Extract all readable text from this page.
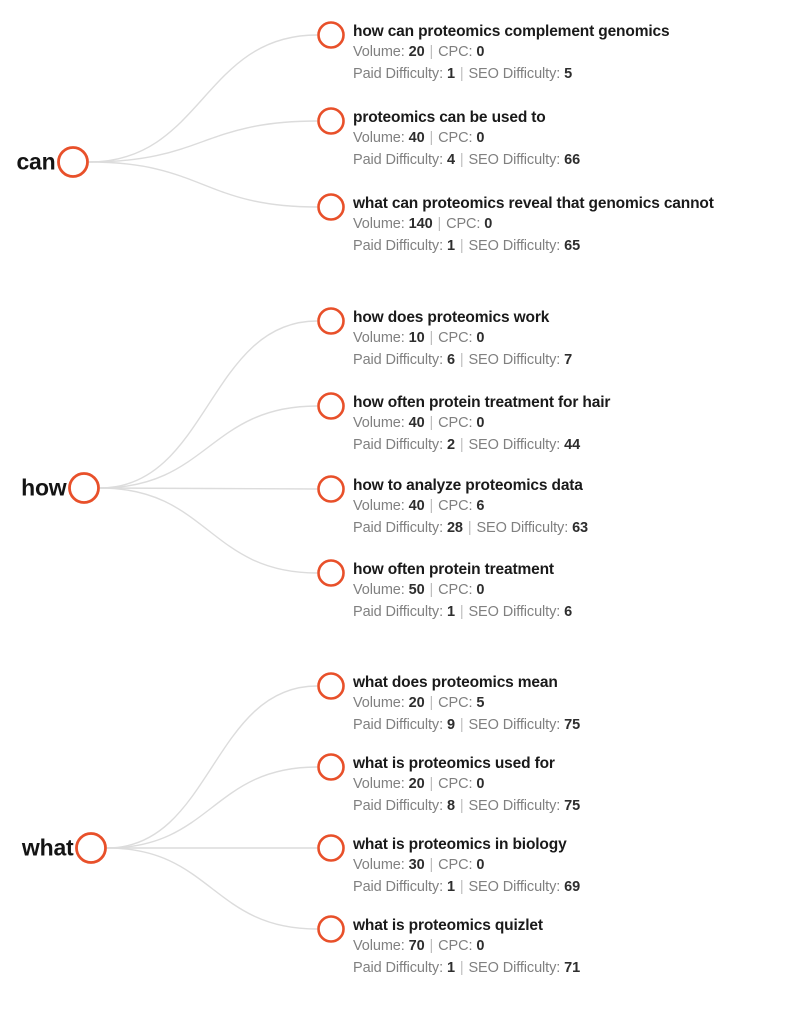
can
how can proteomics complement genomics
Volume: 20 | CPC: 0
Paid Difficulty: 1 | SEO Difficulty: 5
proteomics can be used to
Volume: 40 | CPC: 0
Paid Difficulty: 4 | SEO Difficulty: 66
what can proteomics reveal that genomics cannot
Volume: 140 | CPC: 0
Paid Difficulty: 1 | SEO Difficulty: 65
how
how does proteomics work
Volume: 10 | CPC: 0
Paid Difficulty: 6 | SEO Difficulty: 7
how often protein treatment for hair
Volume: 40 | CPC: 0
Paid Difficulty: 2 | SEO Difficulty: 44
how to analyze proteomics data
Volume: 40 | CPC: 6
Paid Difficulty: 28 | SEO Difficulty: 63
how often protein treatment
Volume: 50 | CPC: 0
Paid Difficulty: 1 | SEO Difficulty: 6
what
what does proteomics mean
Volume: 20 | CPC: 5
Paid Difficulty: 9 | SEO Difficulty: 75
what is proteomics used for
Volume: 20 | CPC: 0
Paid Difficulty: 8 | SEO Difficulty: 75
what is proteomics in biology
Volume: 30 | CPC: 0
Paid Difficulty: 1 | SEO Difficulty: 69
what is proteomics quizlet
Volume: 70 | CPC: 0
Paid Difficulty: 1 | SEO Difficulty: 71
